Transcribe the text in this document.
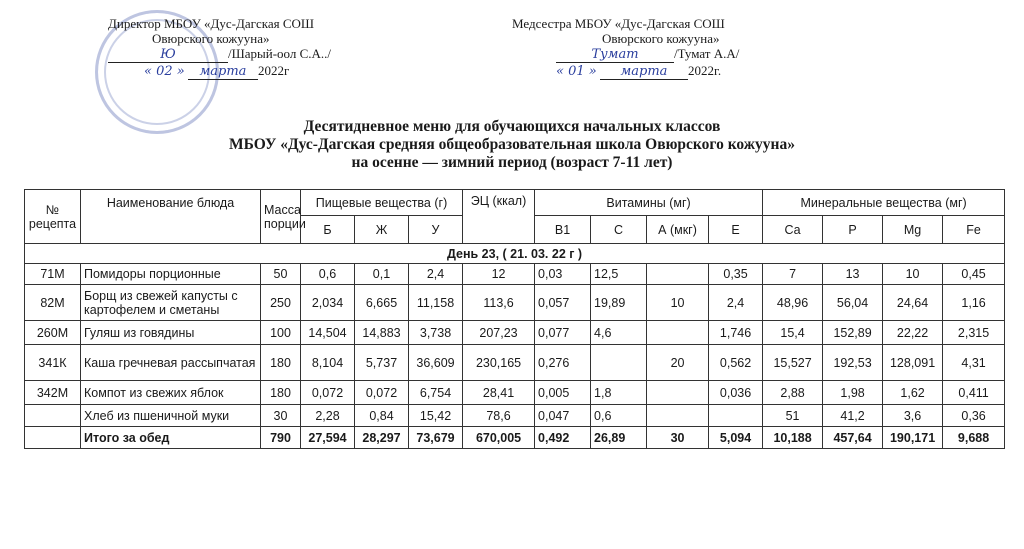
Директор МБОУ «Дус-Дагская СОШ
Овюрского кожууна»
Ю	/Шарый-оол С.А../
« 02 » марта 2022г
Медсестра МБОУ «Дус-Дагская СОШ
Овюрского кожууна»
Тумат	/Тумат А.А/
« 01 » марта 2022г.
Десятидневное меню для обучающихся начальных классов
МБОУ «Дус-Дагская средняя общеобразовательная школа Овюрского кожууна»
на осенне — зимний период (возраст 7-11 лет)
№ рецепта	Наименование блюда	Масса порции	Пищевые вещества (г)			ЭЦ (ккал)	Витамины (мг)				Минеральные вещества (мг)			
			Б	Ж	У		В1	С	А (мкг)	Е	Са	Р	Mg	Fe
День 23, ( 21. 03. 22 г )														
71М	Помидоры порционные	50	0,6	0,1	2,4	12	0,03	12,5		0,35	7	13	10	0,45
82М	Борщ из свежей капусты с картофелем и сметаны	250	2,034	6,665	11,158	113,6	0,057	19,89	10	2,4	48,96	56,04	24,64	1,16
260М	Гуляш из говядины	100	14,504	14,883	3,738	207,23	0,077	4,6		1,746	15,4	152,89	22,22	2,315
341К	Каша гречневая рассыпчатая	180	8,104	5,737	36,609	230,165	0,276		20	0,562	15,527	192,53	128,091	4,31
342М	Компот из свежих яблок	180	0,072	0,072	6,754	28,41	0,005	1,8		0,036	2,88	1,98	1,62	0,411
	Хлеб из пшеничной муки	30	2,28	0,84	15,42	78,6	0,047	0,6			51	41,2	3,6	0,36
	Итого за обед	790	27,594	28,297	73,679	670,005	0,492	26,89	30	5,094	10,188	457,64	190,171	9,688
